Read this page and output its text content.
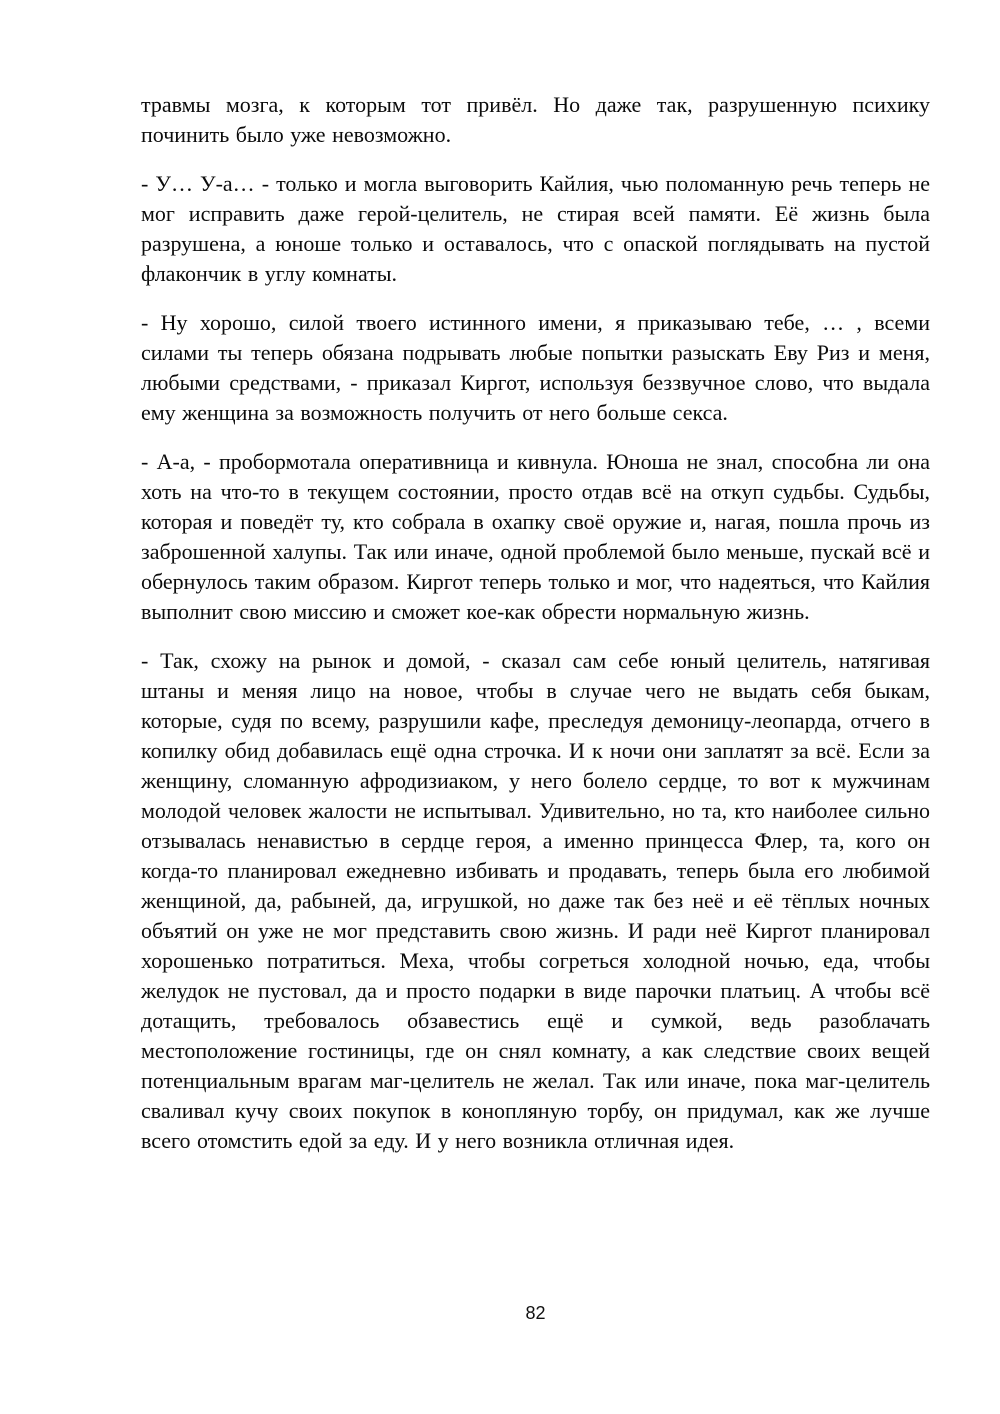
травмы мозга, к которым тот привёл. Но даже так, разрушенную психику починить было уже невозможно.

- У… У-а… - только и могла выговорить Кайлия, чью поломанную речь теперь не мог исправить даже герой-целитель, не стирая всей памяти. Её жизнь была разрушена, а юноше только и оставалось, что с опаской поглядывать на пустой флакончик в углу комнаты.

- Ну хорошо, силой твоего истинного имени, я приказываю тебе, … , всеми силами ты теперь обязана подрывать любые попытки разыскать Еву Риз и меня, любыми средствами, - приказал Киргот, используя беззвучное слово, что выдала ему женщина за возможность получить от него больше секса.

- А-а, - пробормотала оперативница и кивнула. Юноша не знал, способна ли она хоть на что-то в текущем состоянии, просто отдав всё на откуп судьбы. Судьбы, которая и поведёт ту, кто собрала в охапку своё оружие и, нагая, пошла прочь из заброшенной халупы. Так или иначе, одной проблемой было меньше, пускай всё и обернулось таким образом. Киргот теперь только и мог, что надеяться, что Кайлия выполнит свою миссию и сможет кое-как обрести нормальную жизнь.

- Так, схожу на рынок и домой, - сказал сам себе юный целитель, натягивая штаны и меняя лицо на новое, чтобы в случае чего не выдать себя быкам, которые, судя по всему, разрушили кафе, преследуя демоницу-леопарда, отчего в копилку обид добавилась ещё одна строчка. И к ночи они заплатят за всё. Если за женщину, сломанную афродизиаком, у него болело сердце, то вот к мужчинам молодой человек жалости не испытывал. Удивительно, но та, кто наиболее сильно отзывалась ненавистью в сердце героя, а именно принцесса Флер, та, кого он когда-то планировал ежедневно избивать и продавать, теперь была его любимой женщиной, да, рабыней, да, игрушкой, но даже так без неё и её тёплых ночных объятий он уже не мог представить свою жизнь. И ради неё Киргот планировал хорошенько потратиться. Меха, чтобы согреться холодной ночью, еда, чтобы желудок не пустовал, да и просто подарки в виде парочки платьиц. А чтобы всё дотащить, требовалось обзавестись ещё и сумкой, ведь разоблачать местоположение гостиницы, где он снял комнату, а как следствие своих вещей потенциальным врагам маг-целитель не желал. Так или иначе, пока маг-целитель сваливал кучу своих покупок в конопляную торбу, он придумал, как же лучше всего отомстить едой за еду. И у него возникла отличная идея.

82
